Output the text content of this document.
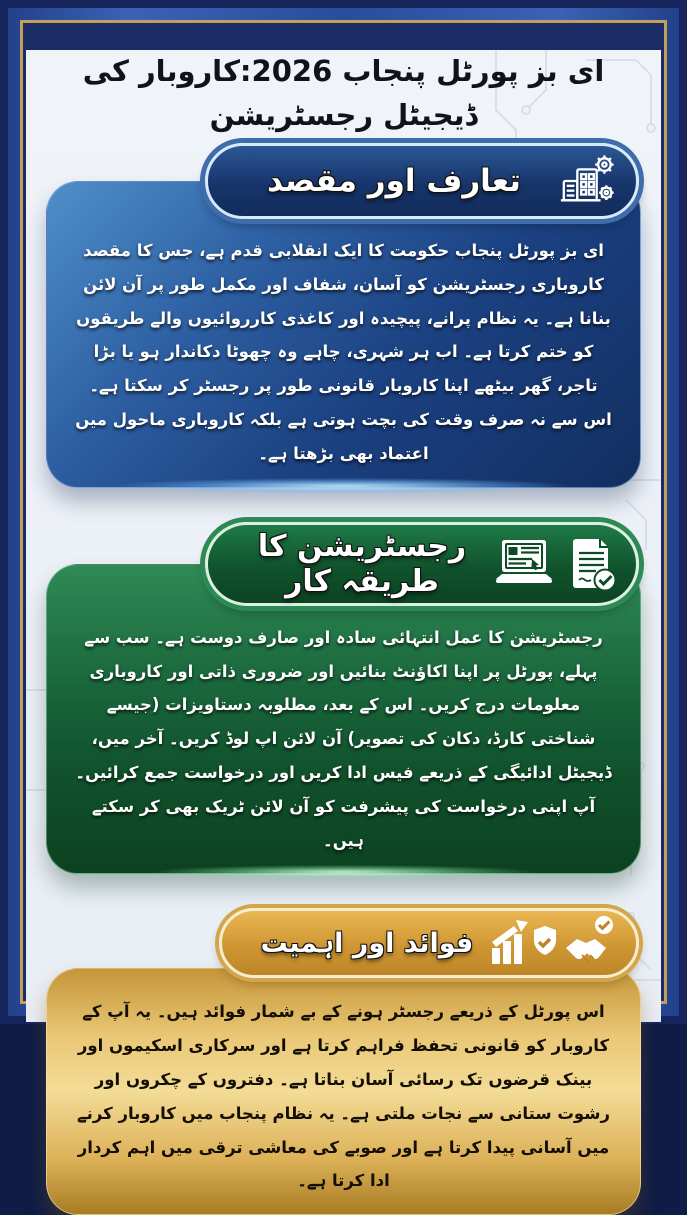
ای بز پورٹل پنجاب 2026:کاروبار کی ڈیجیٹل رجسٹریشن
تعارف اور مقصد
ای بز پورٹل پنجاب حکومت کا ایک انقلابی قدم ہے، جس کا مقصد کاروباری رجسٹریشن کو آسان، شفاف اور مکمل طور پر آن لائن بنانا ہے۔ یہ نظام پرانے، پیچیدہ اور کاغذی کارروائیوں والے طریقوں کو ختم کرتا ہے۔ اب ہر شہری، چاہے وہ چھوٹا دکاندار ہو یا بڑا تاجر، گھر بیٹھے اپنا کاروبار قانونی طور پر رجسٹر کر سکتا ہے۔ اس سے نہ صرف وقت کی بچت ہوتی ہے بلکہ کاروباری ماحول میں اعتماد بھی بڑھتا ہے۔
رجسٹریشن کا طریقہ کار
رجسٹریشن کا عمل انتہائی سادہ اور صارف دوست ہے۔ سب سے پہلے، پورٹل پر اپنا اکاؤنٹ بنائیں اور ضروری ذاتی اور کاروباری معلومات درج کریں۔ اس کے بعد، مطلوبہ دستاویزات (جیسے شناختی کارڈ، دکان کی تصویر) آن لائن اپ لوڈ کریں۔ آخر میں، ڈیجیٹل ادائیگی کے ذریعے فیس ادا کریں اور درخواست جمع کرائیں۔ آپ اپنی درخواست کی پیشرفت کو آن لائن ٹریک بھی کر سکتے ہیں۔
فوائد اور اہمیت
اس پورٹل کے ذریعے رجسٹر ہونے کے بے شمار فوائد ہیں۔ یہ آپ کے کاروبار کو قانونی تحفظ فراہم کرتا ہے اور سرکاری اسکیموں اور بینک قرضوں تک رسائی آسان بناتا ہے۔ دفتروں کے چکروں اور رشوت ستانی سے نجات ملتی ہے۔ یہ نظام پنجاب میں کاروبار کرنے میں آسانی پیدا کرتا ہے اور صوبے کی معاشی ترقی میں اہم کردار ادا کرتا ہے۔
